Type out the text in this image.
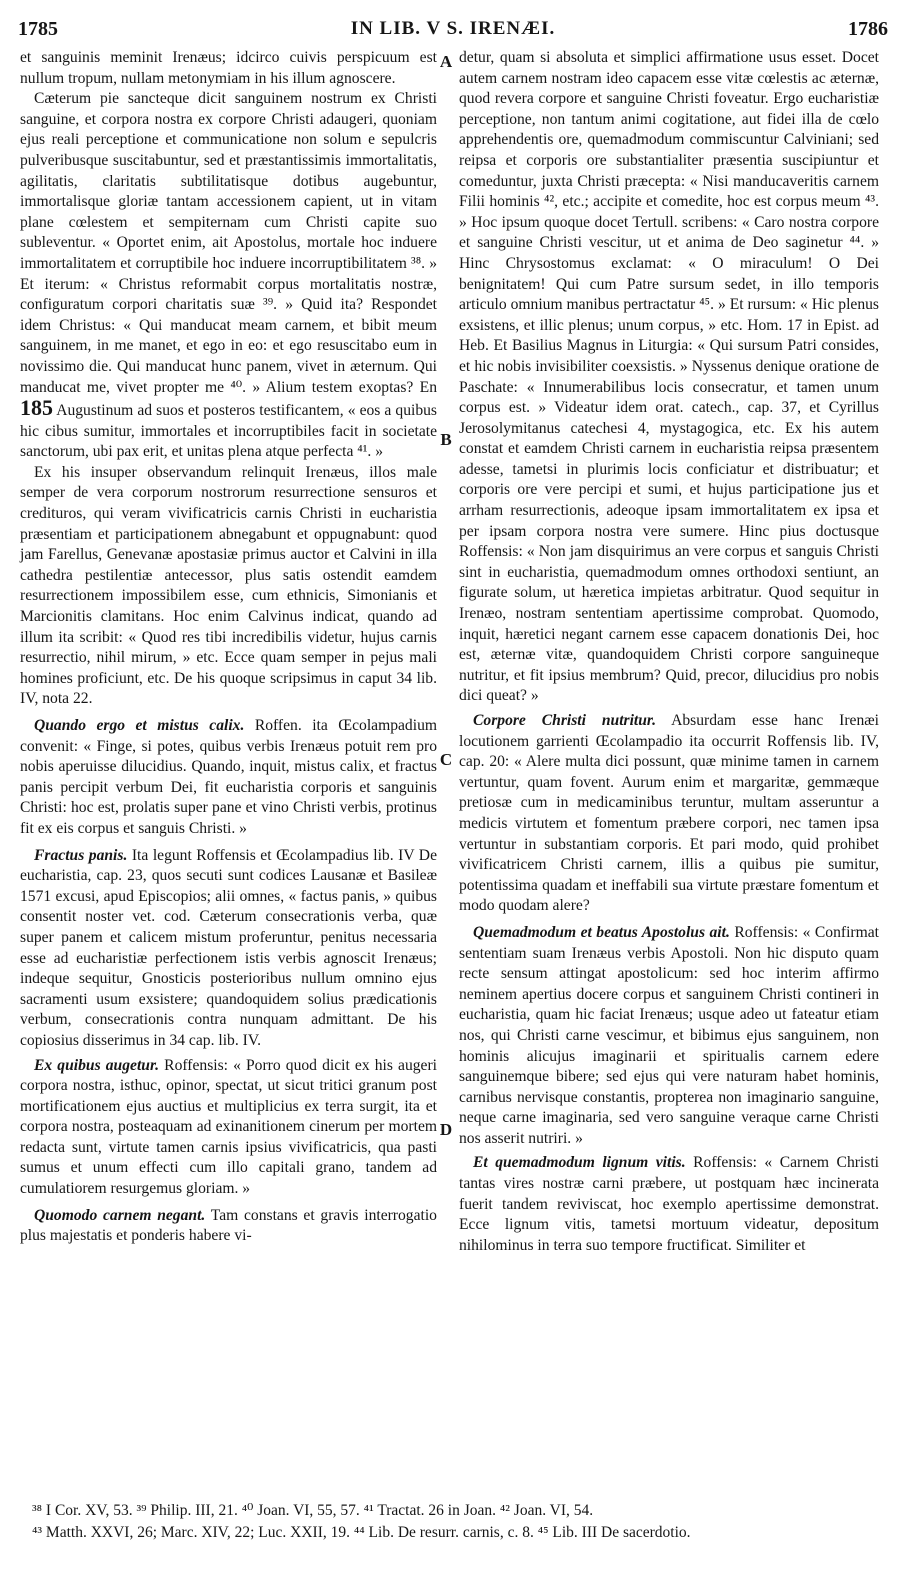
1785	IN LIB. V S. IRENÆI.	1786

et sanguinis meminit Irenæus; idcirco cuivis perspicuum est nullum tropum, nullam metonymiam in his illum agnoscere.

Cæterum pie sancteque dicit sanguinem nostrum ex Christi sanguine, et corpora nostra ex corpore Christi adaugeri, quoniam ejus reali perceptione et communicatione non solum e sepulcris pulveribusque suscitabuntur, sed et præstantissimis immortalitatis, agilitatis, claritatis subtilitatisque dotibus augebuntur, immortalisque gloriæ tantam accessionem capient, ut in vitam plane cœlestem et sempiternam cum Christi capite suo subleventur. « Oportet enim, ait Apostolus, mortale hoc induere immortalitatem et corruptibile hoc induere incorruptibilitatem ³⁸. » Et iterum: « Christus reformabit corpus mortalitatis nostræ, configuratum corpori charitatis suæ ³⁹. » Quid ita? Respondet idem Christus: « Qui manducat meam carnem, et bibit meum sanguinem, in me manet, et ego in eo: et ego resuscitabo eum in novissimo die. Qui manducat hunc panem, vivet in æternum. Qui manducat me, vivet propter me ⁴⁰. » Alium testem exoptas? En 185 Augustinum ad suos et posteros testificantem, « eos a quibus hic cibus sumitur, immortales et incorruptibiles facit in societate sanctorum, ubi pax erit, et unitas plena atque perfecta ⁴¹. »

Ex his insuper observandum relinquit Irenæus, illos male semper de vera corporum nostrorum resurrectione sensuros et credituros, qui veram vivificatricis carnis Christi in eucharistia præsentiam et participationem abnegabunt et oppugnabunt: quod jam Farellus, Genevanæ apostasiæ primus auctor et Calvini in illa cathedra pestilentiæ antecessor, plus satis ostendit eamdem resurrectionem impossibilem esse, cum ethnicis, Simonianis et Marcionitis clamitans. Hoc enim Calvinus indicat, quando ad illum ita scribit: « Quod res tibi incredibilis videtur, hujus carnis resurrectio, nihil mirum, » etc. Ecce quam semper in pejus mali homines proficiunt, etc. De his quoque scripsimus in caput 34 lib. IV, nota 22.

Quando ergo et mistus calix. Roffen. ita Œcolampadium convenit: « Finge, si potes, quibus verbis Irenæus potuit rem pro nobis aperuisse dilucidius. Quando, inquit, mistus calix, et fractus panis percipit verbum Dei, fit eucharistia corporis et sanguinis Christi: hoc est, prolatis super pane et vino Christi verbis, protinus fit ex eis corpus et sanguis Christi. »

Fractus panis. Ita legunt Roffensis et Œcolampadius lib. IV De eucharistia, cap. 23, quos secuti sunt codices Lausanæ et Basileæ 1571 excusi, apud Episcopios; alii omnes, « factus panis, » quibus consentit noster vet. cod. Cæterum consecrationis verba, quæ super panem et calicem mistum proferuntur, penitus necessaria esse ad eucharistiæ perfectionem istis verbis agnoscit Irenæus; indeque sequitur, Gnosticis posterioribus nullum omnino ejus sacramenti usum exsistere; quandoquidem solius prædicationis verbum, consecrationis contra nunquam admittant. De his copiosius disserimus in 34 cap. lib. IV.

Ex quibus augetur. Roffensis: « Porro quod dicit ex his augeri corpora nostra, isthuc, opinor, spectat, ut sicut tritici granum post mortificationem ejus auctius et multiplicius ex terra surgit, ita et corpora nostra, posteaquam ad exinanitionem cinerum per mortem redacta sunt, virtute tamen carnis ipsius vivificatricis, qua pasti sumus et unum effecti cum illo capitali grano, tandem ad cumulatiorem resurgemus gloriam. »

Quomodo carnem negant. Tam constans et gravis interrogatio plus majestatis et ponderis habere vi-

A
B
C
D

detur, quam si absoluta et simplici affirmatione usus esset. Docet autem carnem nostram ideo capacem esse vitæ cœlestis ac æternæ, quod revera corpore et sanguine Christi foveatur. Ergo eucharistiæ perceptione, non tantum animi cogitatione, aut fidei illa de cœlo apprehendentis ore, quemadmodum commiscuntur Calviniani; sed reipsa et corporis ore substantialiter præsentia suscipiuntur et comeduntur, juxta Christi præcepta: « Nisi manducaveritis carnem Filii hominis ⁴², etc.; accipite et comedite, hoc est corpus meum ⁴³. » Hoc ipsum quoque docet Tertull. scribens: « Caro nostra corpore et sanguine Christi vescitur, ut et anima de Deo saginetur ⁴⁴. » Hinc Chrysostomus exclamat: « O miraculum! O Dei benignitatem! Qui cum Patre sursum sedet, in illo temporis articulo omnium manibus pertractatur ⁴⁵. » Et rursum: « Hic plenus exsistens, et illic plenus; unum corpus, » etc. Hom. 17 in Epist. ad Heb. Et Basilius Magnus in Liturgia: « Qui sursum Patri consides, et hic nobis invisibiliter coexsistis. » Nyssenus denique oratione de Paschate: « Innumerabilibus locis consecratur, et tamen unum corpus est. » Videatur idem orat. catech., cap. 37, et Cyrillus Jerosolymitanus catechesi 4, mystagogica, etc. Ex his autem constat et eamdem Christi carnem in eucharistia reipsa præsentem adesse, tametsi in plurimis locis conficiatur et distribuatur; et corporis ore vere percipi et sumi, et hujus participatione jus et arrham resurrectionis, adeoque ipsam immortalitatem ex ipsa et per ipsam corpora nostra vere sumere. Hinc pius doctusque Roffensis: « Non jam disquirimus an vere corpus et sanguis Christi sint in eucharistia, quemadmodum omnes orthodoxi sentiunt, an figurate solum, ut hæretica impietas arbitratur. Quod sequitur in Irenæo, nostram sententiam apertissime comprobat. Quomodo, inquit, hæretici negant carnem esse capacem donationis Dei, hoc est, æternæ vitæ, quandoquidem Christi corpore sanguineque nutritur, et fit ipsius membrum? Quid, precor, dilucidius pro nobis dici queat? »

Corpore Christi nutritur. Absurdam esse hanc Irenæi locutionem garrienti Œcolampadio ita occurrit Roffensis lib. IV, cap. 20: « Alere multa dici possunt, quæ minime tamen in carnem vertuntur, quam fovent. Aurum enim et margaritæ, gemmæque pretiosæ cum in medicaminibus teruntur, multam asseruntur a medicis virtutem et fomentum præbere corpori, nec tamen ipsa vertuntur in substantiam corporis. Et pari modo, quid prohibet vivificatricem Christi carnem, illis a quibus pie sumitur, potentissima quadam et ineffabili sua virtute præstare fomentum et modo quodam alere?

Quemadmodum et beatus Apostolus ait. Roffensis: « Confirmat sententiam suam Irenæus verbis Apostoli. Non hic disputo quam recte sensum attingat apostolicum: sed hoc interim affirmo neminem apertius docere corpus et sanguinem Christi contineri in eucharistia, quam hic faciat Irenæus; usque adeo ut fateatur etiam nos, qui Christi carne vescimur, et bibimus ejus sanguinem, non hominis alicujus imaginarii et spiritualis carnem edere sanguinemque bibere; sed ejus qui vere naturam habet hominis, carnibus nervisque constantis, propterea non imaginario sanguine, neque carne imaginaria, sed vero sanguine veraque carne Christi nos asserit nutriri. »

Et quemadmodum lignum vitis. Roffensis: « Carnem Christi tantas vires nostræ carni præbere, ut postquam hæc incinerata fuerit tandem reviviscat, hoc exemplo apertissime demonstrat. Ecce lignum vitis, tametsi mortuum videatur, depositum nihilominus in terra suo tempore fructificat. Similiter et

³⁸ I Cor. XV, 53. ³⁹ Philip. III, 21. ⁴⁰ Joan. VI, 55, 57. ⁴¹ Tractat. 26 in Joan. ⁴² Joan. VI, 54.
⁴³ Matth. XXVI, 26; Marc. XIV, 22; Luc. XXII, 19. ⁴⁴ Lib. De resurr. carnis, c. 8. ⁴⁵ Lib. III De sacerdotio.
